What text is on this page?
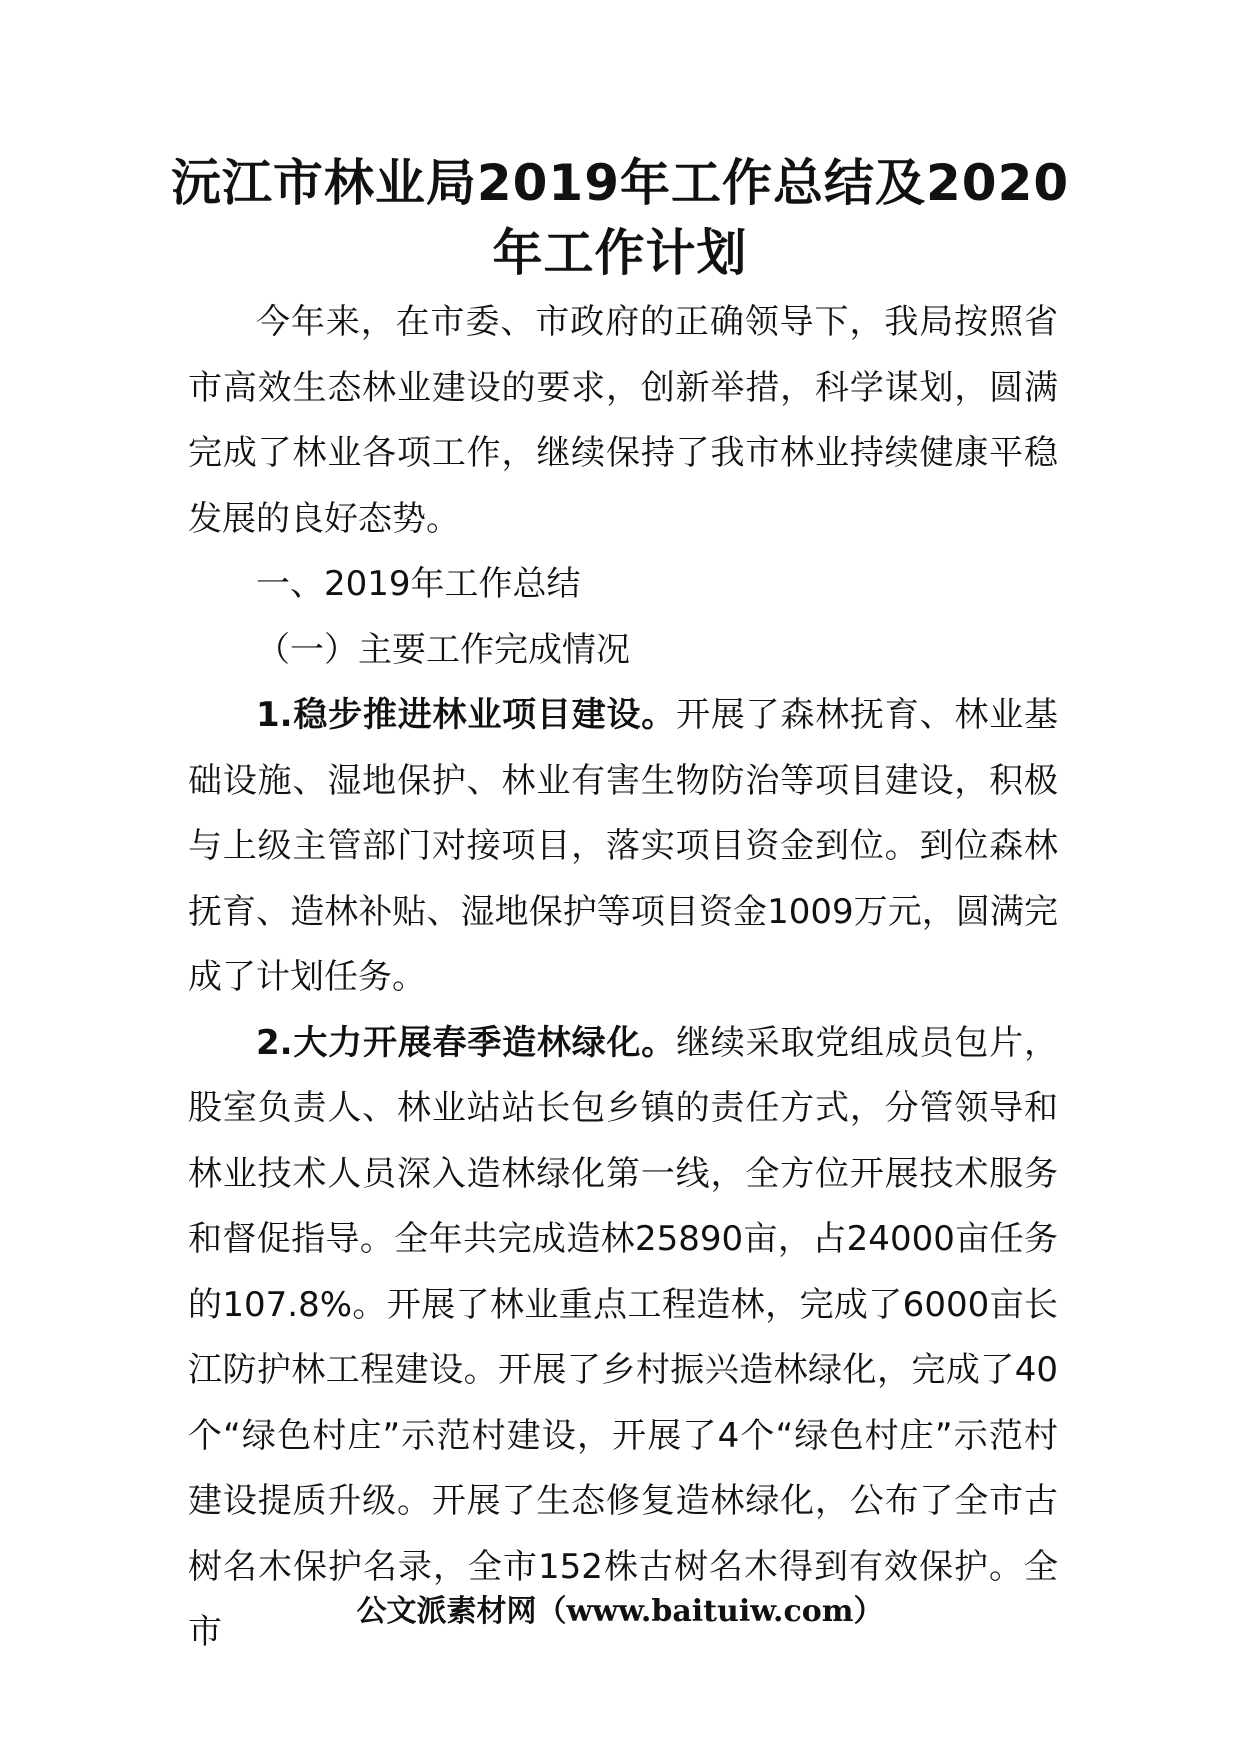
沅江市林业局2019年工作总结及2020年工作计划

今年来，在市委、市政府的正确领导下，我局按照省市高效生态林业建设的要求，创新举措，科学谋划，圆满完成了林业各项工作，继续保持了我市林业持续健康平稳发展的良好态势。

一、2019年工作总结

（一）主要工作完成情况

1.稳步推进林业项目建设。开展了森林抚育、林业基础设施、湿地保护、林业有害生物防治等项目建设，积极与上级主管部门对接项目，落实项目资金到位。到位森林抚育、造林补贴、湿地保护等项目资金1009万元，圆满完成了计划任务。

2.大力开展春季造林绿化。继续采取党组成员包片，股室负责人、林业站站长包乡镇的责任方式，分管领导和林业技术人员深入造林绿化第一线，全方位开展技术服务和督促指导。全年共完成造林25890亩，占24000亩任务的107.8%。开展了林业重点工程造林，完成了6000亩长江防护林工程建设。开展了乡村振兴造林绿化，完成了40个“绿色村庄”示范村建设，开展了4个“绿色村庄”示范村建设提质升级。开展了生态修复造林绿化，公布了全市古树名木保护名录，全市152株古树名木得到有效保护。全市

公文派素材网（www.baituiw.com）
